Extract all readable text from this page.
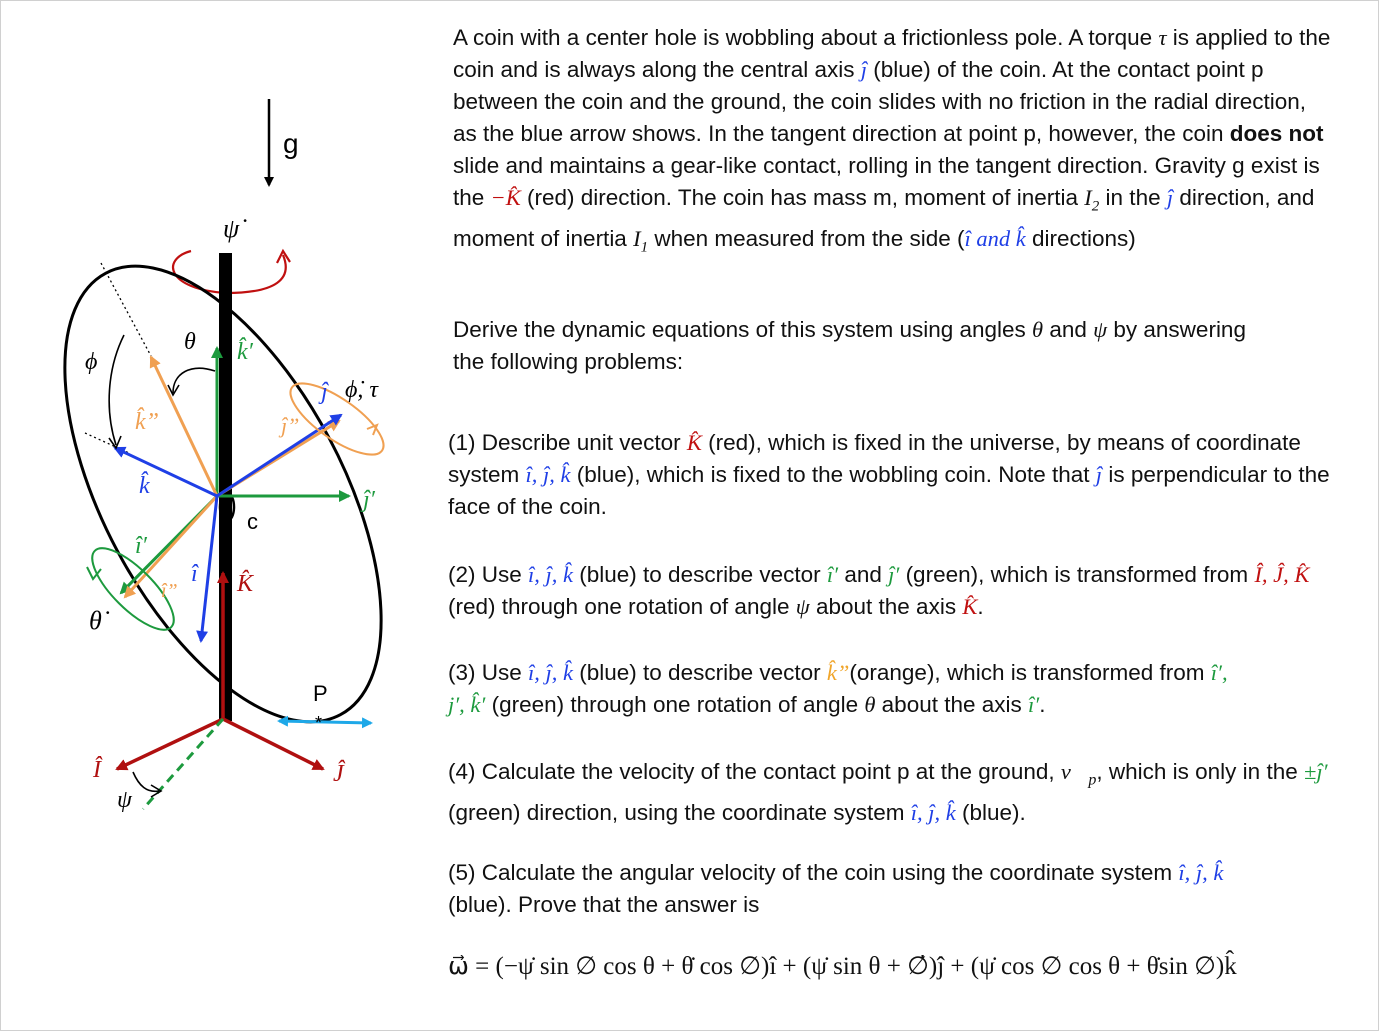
g
ψ̇
θ
ϕ
ψ
*
P
k̂”
k̂′
ĵ ϕ̇, τ
ĵ”
k̂
ĵ′
c
î′
î K̂
î”
θ̇
Î	Ĵ

A coin with a center hole is wobbling about a frictionless pole. A torque τ is applied to the coin and is always along the central axis ĵ (blue) of the coin. At the contact point p between the coin and the ground, the coin slides with no friction in the radial direction, as the blue arrow shows. In the tangent direction at point p, however, the coin does not slide and maintains a gear-like contact, rolling in the tangent direction. Gravity g exist is the −K̂ (red) direction. The coin has mass m, moment of inertia $I_2$ in the ĵ direction, and moment of inertia $I_1$ when measured from the side (î and k̂ directions)

Derive the dynamic equations of this system using angles θ and ψ by answering the following problems:

(1) Describe unit vector K̂ (red), which is fixed in the universe, by means of coordinate system î, ĵ, k̂ (blue), which is fixed to the wobbling coin. Note that ĵ is perpendicular to the face of the coin.

(2) Use î, ĵ, k̂ (blue) to describe vector î′ and ĵ′ (green), which is transformed from Î, Ĵ, K̂ (red) through one rotation of angle ψ about the axis K̂.

(3) Use î, ĵ, k̂ (blue) to describe vector k̂”(orange), which is transformed from î′,
j′, k̂′ (green) through one rotation of angle θ about the axis î′.

(4) Calculate the velocity of the contact point p at the ground, $v⃗_p$, which is only in the ±ĵ′ (green) direction, using the coordinate system î, ĵ, k̂ (blue).

(5) Calculate the angular velocity of the coin using the coordinate system î, ĵ, k̂
(blue). Prove that the answer is

ω⃗ = (−ψ̇ sin ∅ cos θ + θ̇ cos ∅)î + (ψ̇ sin θ + ∅̇)ĵ + (ψ̇ cos ∅ cos θ + θ̇sin ∅)k̂
